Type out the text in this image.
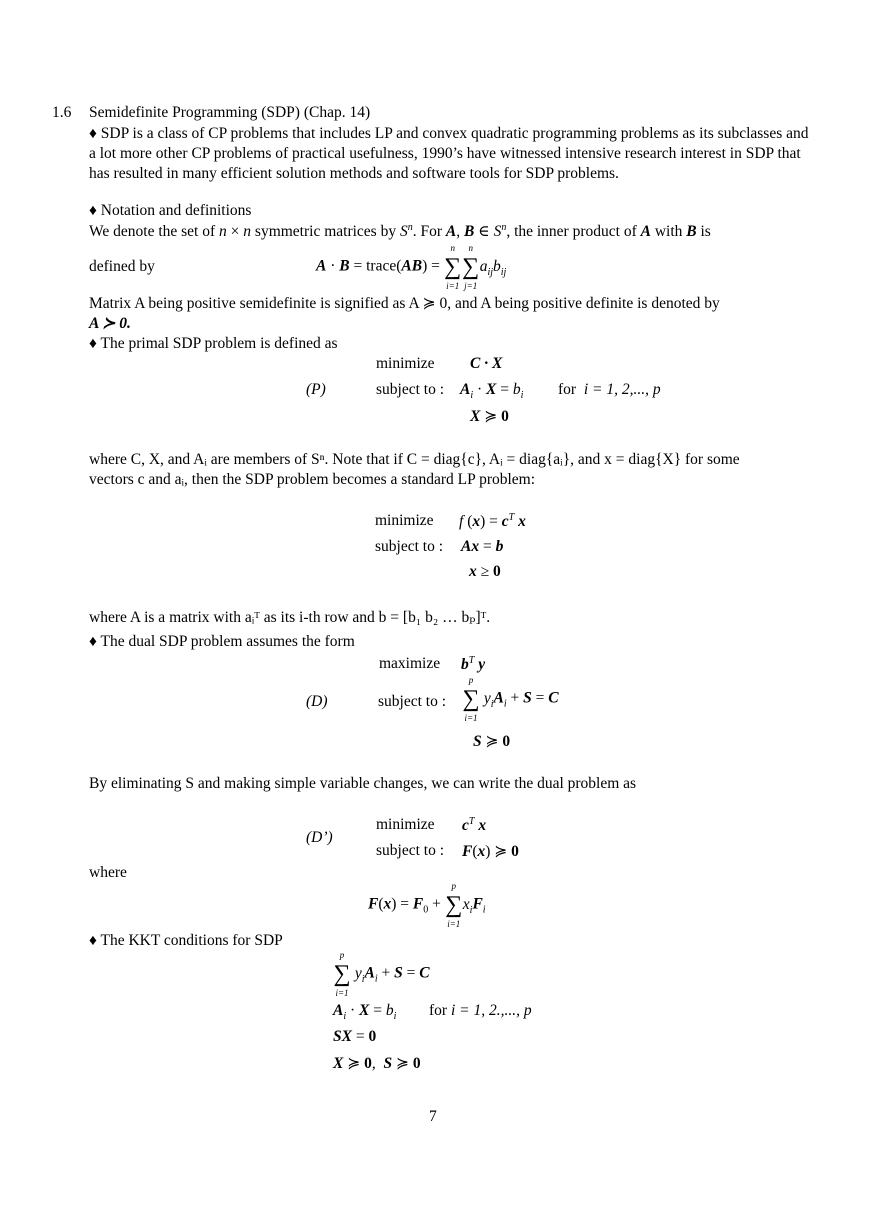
1.6 Semidefinite Programming (SDP) (Chap. 14)
♦ SDP is a class of CP problems that includes LP and convex quadratic programming problems as its subclasses and a lot more other CP problems of practical usefulness, 1990’s have witnessed intensive research interest in SDP that has resulted in many efficient solution methods and software tools for SDP problems.
♦ Notation and definitions
We denote the set of n × n symmetric matrices by $S^n$. For A, B ∈ $S^n$, the inner product of A with B is
defined by	A · B = trace(AB) =
n
∑
i=1
n
∑
j=1
$a_{ij}b_{ij}$
Matrix A being positive semidefinite is signified as A ≽ 0, and A being positive definite is denoted by
A ≻ 0.
♦ The primal SDP problem is defined as
minimize C · X
(P)	subject to : $A_i \cdot X = b_i$ for i = 1, 2,..., p
X ≽ 0
where C, X, and Aᵢ are members of Sⁿ. Note that if C = diag{c}, Aᵢ = diag{aᵢ}, and x = diag{X} for some
vectors c and aᵢ, then the SDP problem becomes a standard LP problem:
minimize f $(x) = c^T$ x
subject to : Ax = b
x ≥ 0
where A is a matrix with aᵢᵀ as its i-th row and b = [b₁ b₂ … bₚ]ᵀ.
♦ The dual SDP problem assumes the form
maximize $b^T$ y
(D)	subject to :
p
∑
i=1
$y_iA_i + S = C$
S ≽ 0
By eliminating S and making simple variable changes, we can write the dual problem as
(D’)
minimize $c^T$ x
subject to : F(x) ≽ 0
where
$F(x) = F_0$ +
p
∑
i=1
$x_iF_i$
♦ The KKT conditions for SDP
p
∑
i=1
$y_iA_i + S = C$
$A_i \cdot X = b_i$ for i = 1, 2.,..., p
SX = 0
X ≽ 0,  S ≽ 0
7
